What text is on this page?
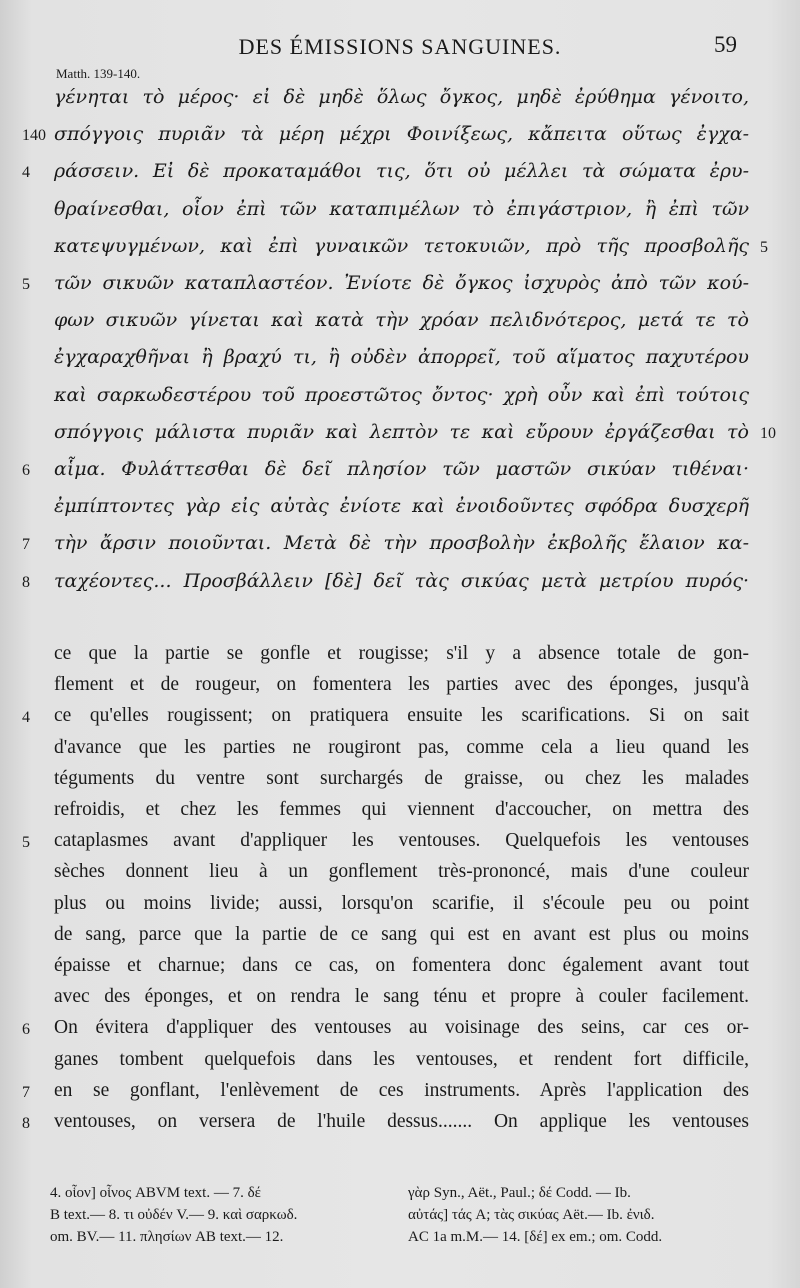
DES ÉMISSIONS SANGUINES.	59
Matth. 139-140.
γένηται τὸ μέρος· εἰ δὲ μηδὲ ὅλως ὄγκος, μηδὲ ἐρύθημα γένοιτο,
σπόγγοις πυριᾶν τὰ μέρη μέχρι Φοινίξεως, κἄπειτα οὕτως ἐγχα-
140
ράσσειν. Εἰ δὲ προκαταμάθοι τις, ὅτι οὐ μέλλει τὰ σώματα ἐρυ-
4
θραίνεσθαι, οἷον ἐπὶ τῶν καταπιμέλων τὸ ἐπιγάστριον, ἢ ἐπὶ τῶν
κατεψυγμένων, καὶ ἐπὶ γυναικῶν τετοκυιῶν, πρὸ τῆς προσβολῆς 5
τῶν σικυῶν καταπλαστέον. Ἐνίοτε δὲ ὄγκος ἰσχυρὸς ἀπὸ τῶν κού-
5
φων σικυῶν γίνεται καὶ κατὰ τὴν χρόαν πελιδνότερος, μετά τε τὸ
ἐγχαραχθῆναι ἢ βραχύ τι, ἢ οὐδὲν ἀπορρεῖ, τοῦ αἵματος παχυτέρου
καὶ σαρκωδεστέρου τοῦ προεστῶτος ὄντος· χρὴ οὖν καὶ ἐπὶ τούτοις
σπόγγοις μάλιστα πυριᾶν καὶ λεπτὸν τε καὶ εὔρουν ἐργάζεσθαι τὸ 10
αἷμα. Φυλάττεσθαι δὲ δεῖ πλησίον τῶν μαστῶν σικύαν τιθέναι·
6
ἐμπίπτοντες γὰρ εἰς αὐτὰς ἐνίοτε καὶ ἐνοιδοῦντες σφόδρα δυσχερῆ
τὴν ἄρσιν ποιοῦνται. Μετὰ δὲ τὴν προσβολὴν ἐκβολῆς ἔλαιον κα-
7
ταχέοντες... Προσβάλλειν [δὲ] δεῖ τὰς σικύας μετὰ μετρίου πυρός·
8
ce que la partie se gonfle et rougisse; s'il y a absence totale de gon-
flement et de rougeur, on fomentera les parties avec des éponges, jusqu'à
ce qu'elles rougissent; on pratiquera ensuite les scarifications. Si on sait
4
d'avance que les parties ne rougiront pas, comme cela a lieu quand les
téguments du ventre sont surchargés de graisse, ou chez les malades
refroidis, et chez les femmes qui viennent d'accoucher, on mettra des
cataplasmes avant d'appliquer les ventouses. Quelquefois les ventouses
5
sèches donnent lieu à un gonflement très-prononcé, mais d'une couleur
plus ou moins livide; aussi, lorsqu'on scarifie, il s'écoule peu ou point
de sang, parce que la partie de ce sang qui est en avant est plus ou moins
épaisse et charnue; dans ce cas, on fomentera donc également avant tout
avec des éponges, et on rendra le sang ténu et propre à couler facilement.
On évitera d'appliquer des ventouses au voisinage des seins, car ces or-
6
ganes tombent quelquefois dans les ventouses, et rendent fort difficile,
en se gonflant, l'enlèvement de ces instruments. Après l'application des
7
ventouses, on versera de l'huile dessus....... On applique les ventouses
8
4. οἷον] οἷνος ABVM text. — 7. δέ
B text.— 8. τι οὐδέν V.— 9. καὶ σαρκωδ.
om. BV.— 11. πλησίων AB text.— 12.
γὰρ Syn., Aët., Paul.; δέ Codd. — Ib.
αὐτάς] τάς A; τὰς σικύας Aët.— Ib. ἐνιδ.
AC 1a m.M.— 14. [δέ] ex em.; om. Codd.
